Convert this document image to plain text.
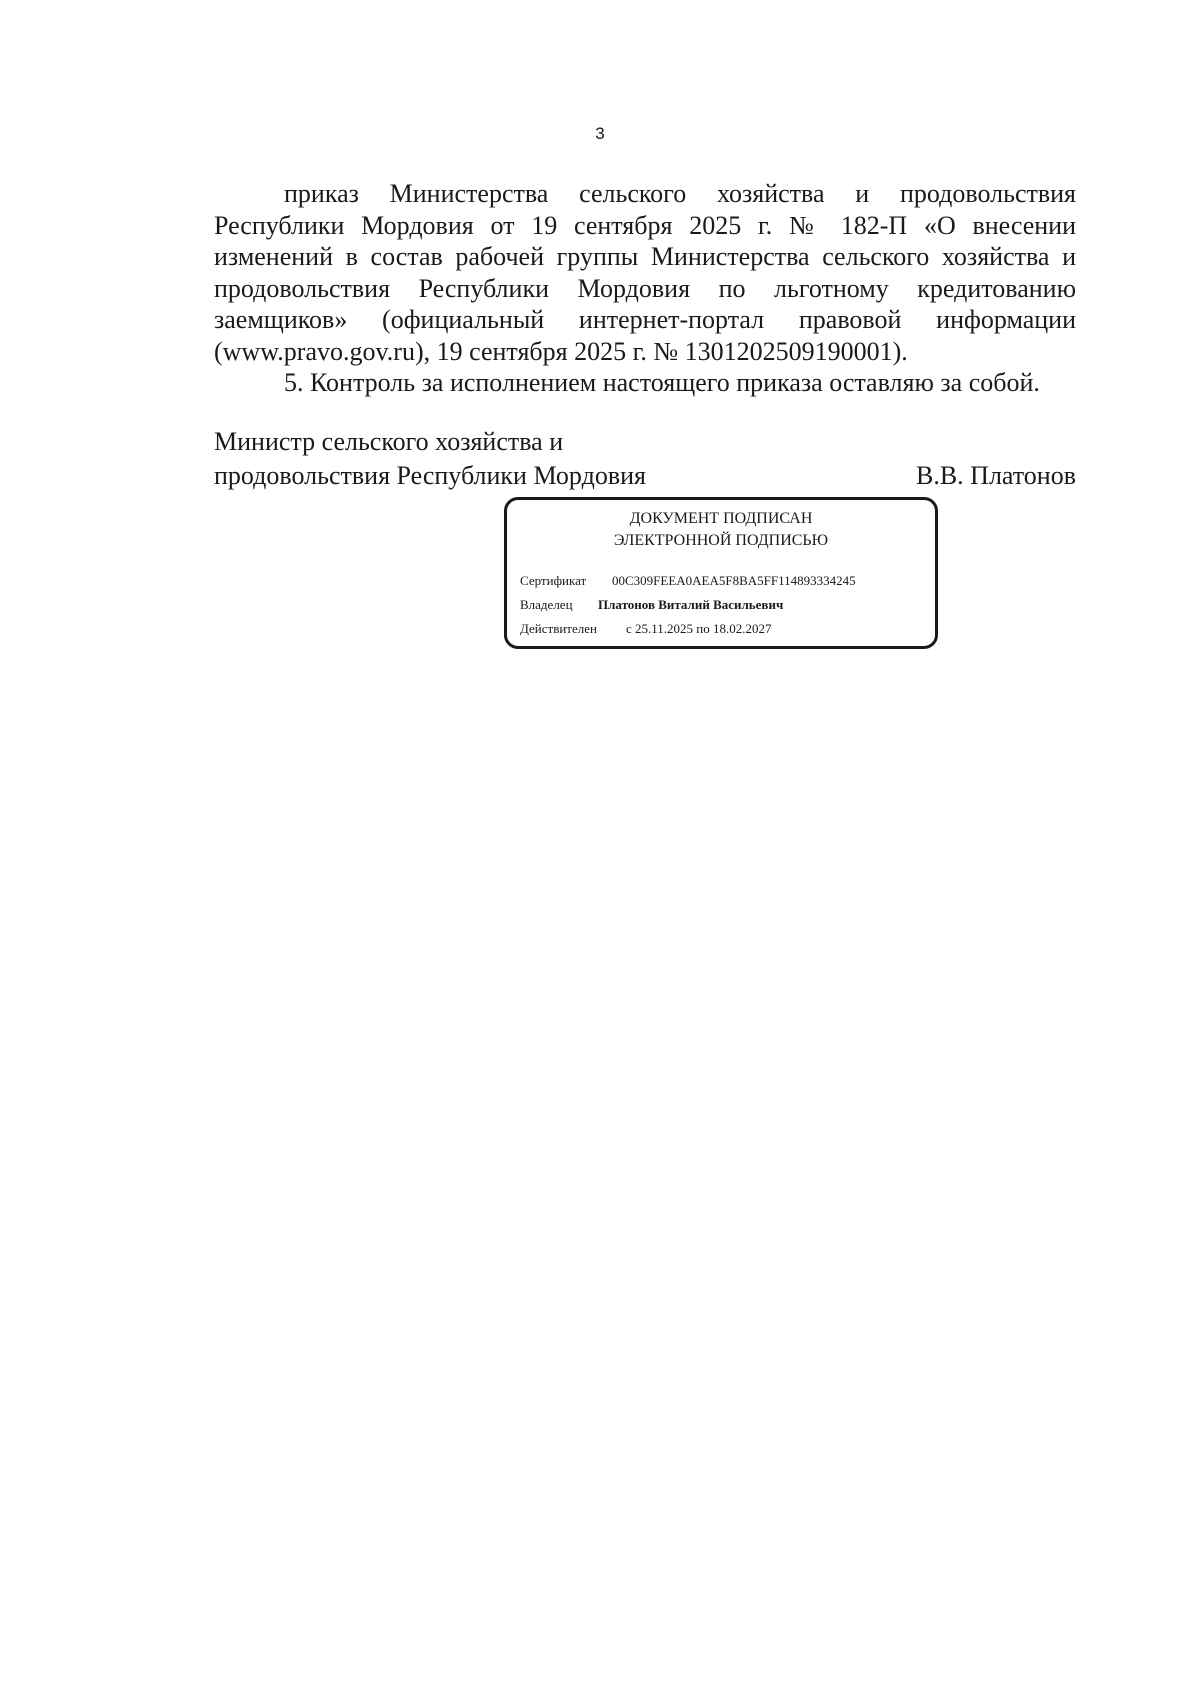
3

приказ Министерства сельского хозяйства и продовольствия Республики Мордовия от 19 сентября 2025 г. № 182-П «О внесении изменений в состав рабочей группы Министерства сельского хозяйства и продовольствия Республики Мордовия по льготному кредитованию заемщиков» (официальный интернет-портал правовой информации (www.pravo.gov.ru), 19 сентября 2025 г. № 1301202509190001).

5. Контроль за исполнением настоящего приказа оставляю за собой.

Министр сельского хозяйства и
продовольствия Республики Мордовия	В.В. Платонов
ДОКУМЕНТ ПОДПИСАН
ЭЛЕКТРОННОЙ ПОДПИСЬЮ
Сертификат 00C309FEEA0AEA5F8BA5FF114893334245
Владелец Платонов Виталий Васильевич
Действителен с 25.11.2025 по 18.02.2027
